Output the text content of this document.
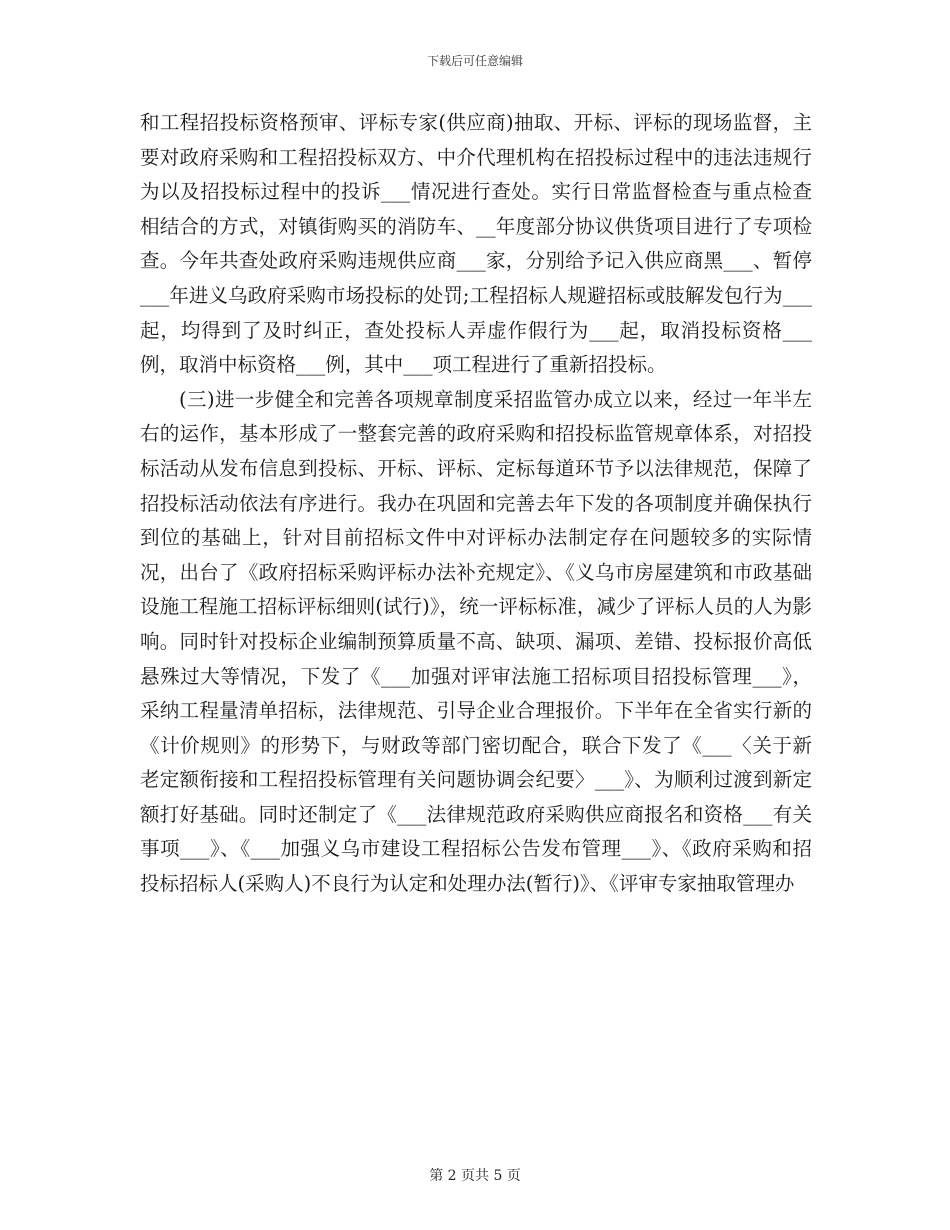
下载后可任意编辑

和工程招投标资格预审、评标专家(供应商)抽取、开标、评标的现场监督，主要对政府采购和工程招投标双方、中介代理机构在招投标过程中的违法违规行为以及招投标过程中的投诉___情况进行查处。实行日常监督检查与重点检查相结合的方式，对镇街购买的消防车、__年度部分协议供货项目进行了专项检查。今年共查处政府采购违规供应商___家，分别给予记入供应商黑___、暂停___年进义乌政府采购市场投标的处罚;工程招标人规避招标或肢解发包行为___起，均得到了及时纠正，查处投标人弄虚作假行为___起，取消投标资格___例，取消中标资格___例，其中___项工程进行了重新招投标。

(三)进一步健全和完善各项规章制度采招监管办成立以来，经过一年半左右的运作，基本形成了一整套完善的政府采购和招投标监管规章体系，对招投标活动从发布信息到投标、开标、评标、定标每道环节予以法律规范，保障了招投标活动依法有序进行。我办在巩固和完善去年下发的各项制度并确保执行到位的基础上，针对目前招标文件中对评标办法制定存在问题较多的实际情况，出台了《政府招标采购评标办法补充规定》、《义乌市房屋建筑和市政基础设施工程施工招标评标细则(试行)》，统一评标标准，减少了评标人员的人为影响。同时针对投标企业编制预算质量不高、缺项、漏项、差错、投标报价高低悬殊过大等情况，下发了《___加强对评审法施工招标项目招投标管理___》，采纳工程量清单招标，法律规范、引导企业合理报价。下半年在全省实行新的《计价规则》的形势下，与财政等部门密切配合，联合下发了《___〈关于新老定额衔接和工程招投标管理有关问题协调会纪要〉___》、为顺利过渡到新定额打好基础。同时还制定了《___法律规范政府采购供应商报名和资格___有关事项___》、《___加强义乌市建设工程招标公告发布管理___》、《政府采购和招投标招标人(采购人)不良行为认定和处理办法(暂行)》、《评审专家抽取管理办

第 2 页共 5 页
